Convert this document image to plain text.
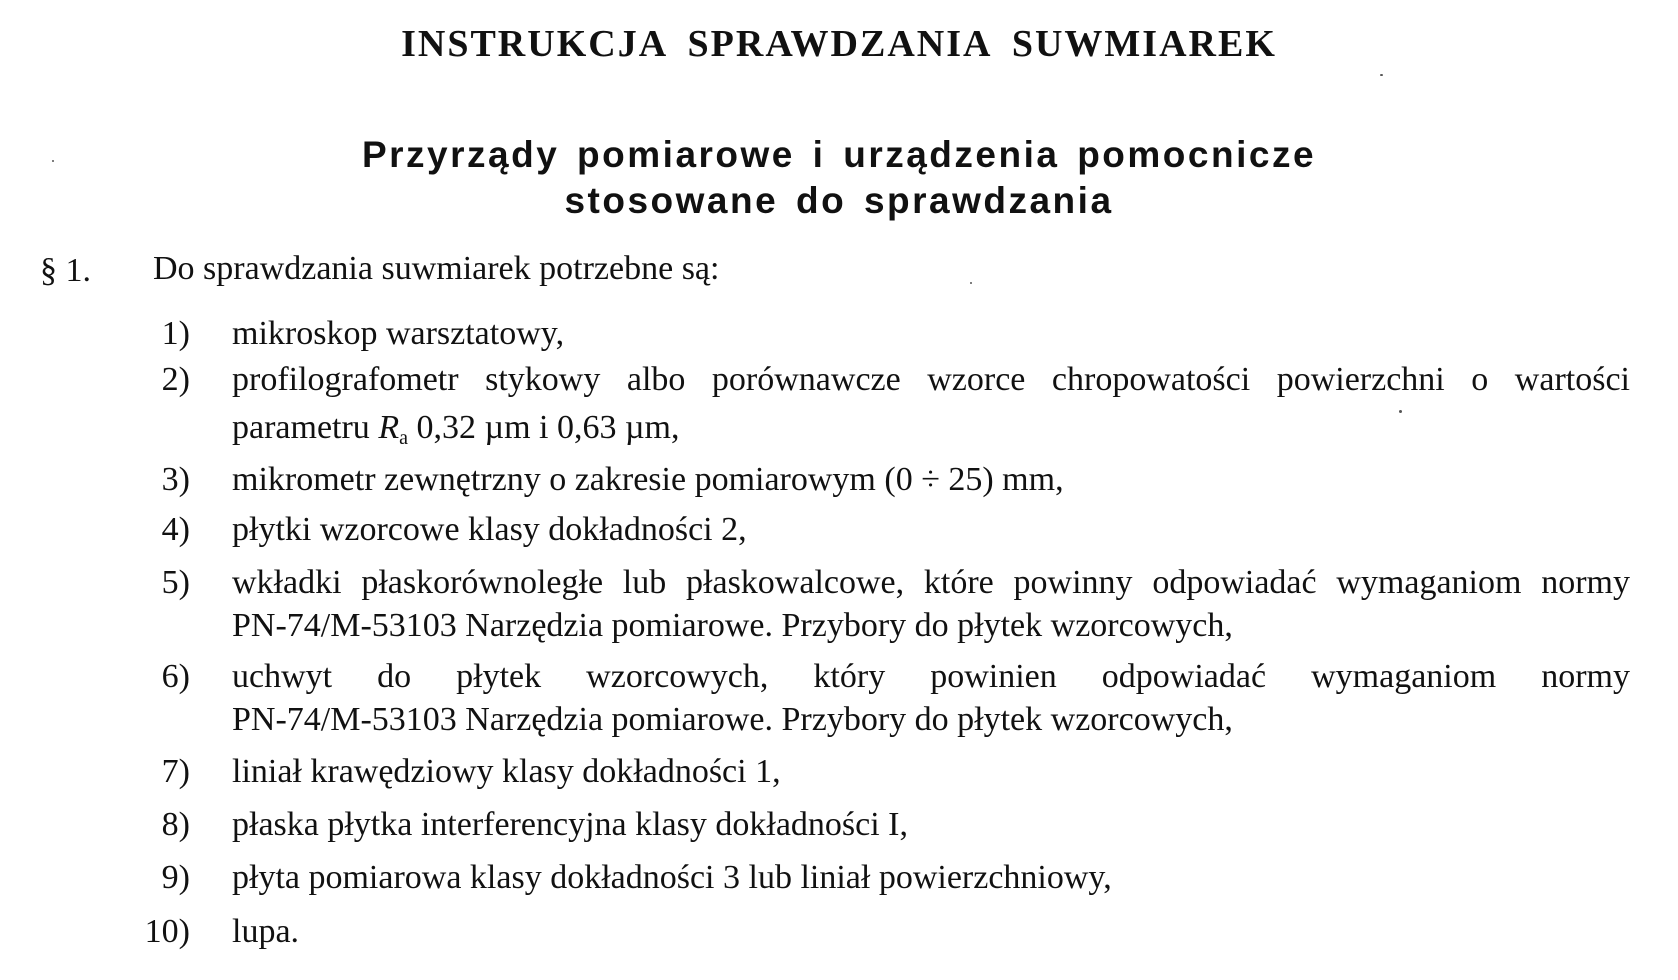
INSTRUKCJA SPRAWDZANIA SUWMIAREK
Przyrządy pomiarowe i urządzenia pomocnicze
stosowane do sprawdzania
§ 1. Do sprawdzania suwmiarek potrzebne są:
1) mikroskop warsztatowy,
2) profilografometr stykowy albo porównawcze wzorce chropowatości powierzchni o wartości
parametru $R_a$ 0,32 µm i 0,63 µm,
3) mikrometr zewnętrzny o zakresie pomiarowym (0 ÷ 25) mm,
4) płytki wzorcowe klasy dokładności 2,
5) wkładki płaskorównoległe lub płaskowalcowe, które powinny odpowiadać wymaganiom normy
PN-74/M-53103 Narzędzia pomiarowe. Przybory do płytek wzorcowych,
6) uchwyt do płytek wzorcowych, który powinien odpowiadać wymaganiom normy
PN-74/M-53103 Narzędzia pomiarowe. Przybory do płytek wzorcowych,
7) liniał krawędziowy klasy dokładności 1,
8) płaska płytka interferencyjna klasy dokładności I,
9) płyta pomiarowa klasy dokładności 3 lub liniał powierzchniowy,
10) lupa.
